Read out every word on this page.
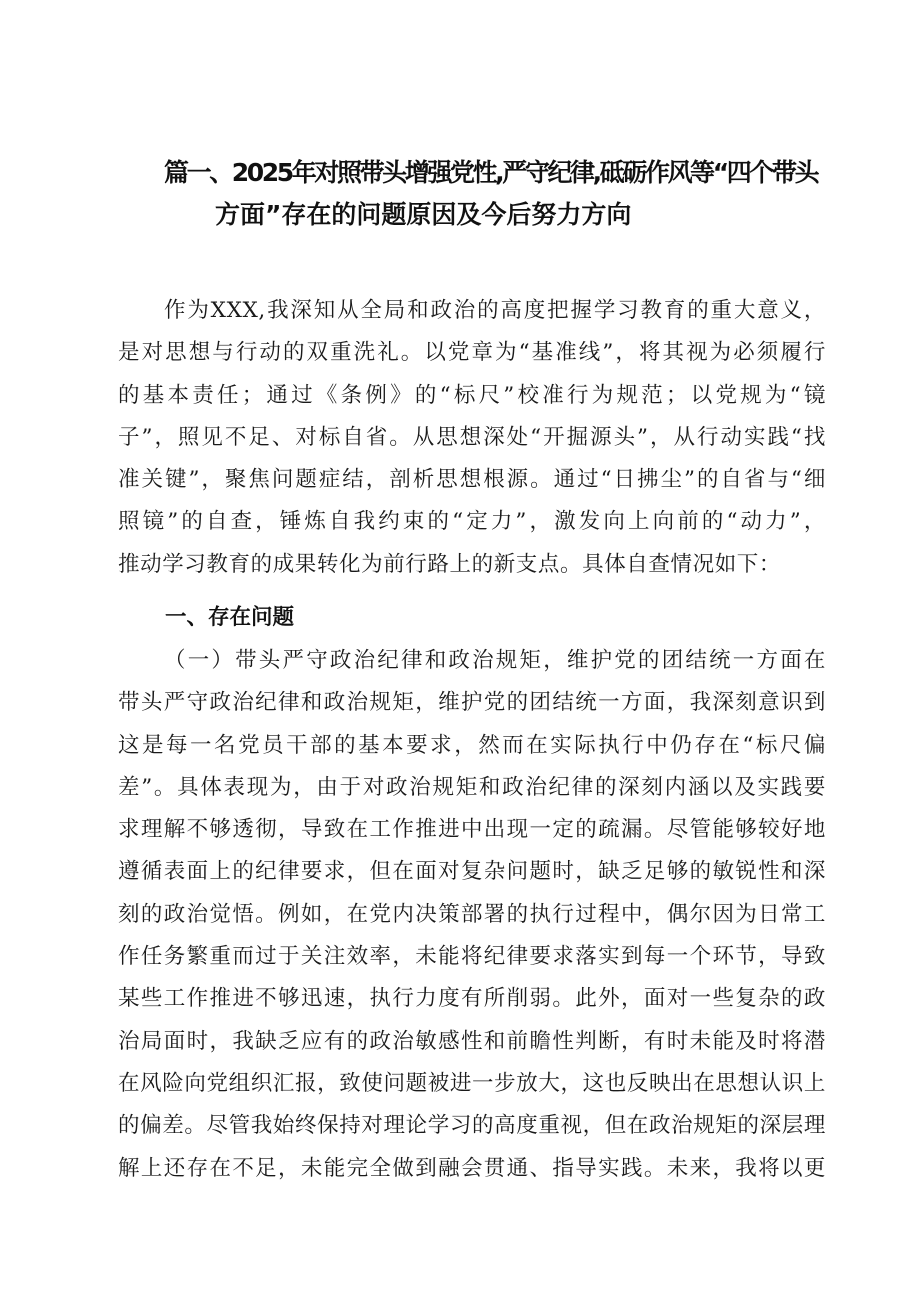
篇一、2025年对照带头增强党性,严守纪律,砥砺作风等“四个带头
方面”存在的问题原因及今后努力方向
作为XXX,我深知从全局和政治的高度把握学习教育的重大意义，
是对思想与行动的双重洗礼。以党章为“基准线”，将其视为必须履行
的基本责任；通过《条例》的“标尺”校准行为规范；以党规为“镜
子”，照见不足、对标自省。从思想深处“开掘源头”，从行动实践“找
准关键”，聚焦问题症结，剖析思想根源。通过“日拂尘”的自省与“细
照镜”的自查，锤炼自我约束的“定力”，激发向上向前的“动力”，
推动学习教育的成果转化为前行路上的新支点。具体自查情况如下：
一、存在问题
（一）带头严守政治纪律和政治规矩，维护党的团结统一方面在
带头严守政治纪律和政治规矩，维护党的团结统一方面，我深刻意识到
这是每一名党员干部的基本要求，然而在实际执行中仍存在“标尺偏
差”。具体表现为，由于对政治规矩和政治纪律的深刻内涵以及实践要
求理解不够透彻，导致在工作推进中出现一定的疏漏。尽管能够较好地
遵循表面上的纪律要求，但在面对复杂问题时，缺乏足够的敏锐性和深
刻的政治觉悟。例如，在党内决策部署的执行过程中，偶尔因为日常工
作任务繁重而过于关注效率，未能将纪律要求落实到每一个环节，导致
某些工作推进不够迅速，执行力度有所削弱。此外，面对一些复杂的政
治局面时，我缺乏应有的政治敏感性和前瞻性判断，有时未能及时将潜
在风险向党组织汇报，致使问题被进一步放大，这也反映出在思想认识上
的偏差。尽管我始终保持对理论学习的高度重视，但在政治规矩的深层理
解上还存在不足，未能完全做到融会贯通、指导实践。未来，我将以更
